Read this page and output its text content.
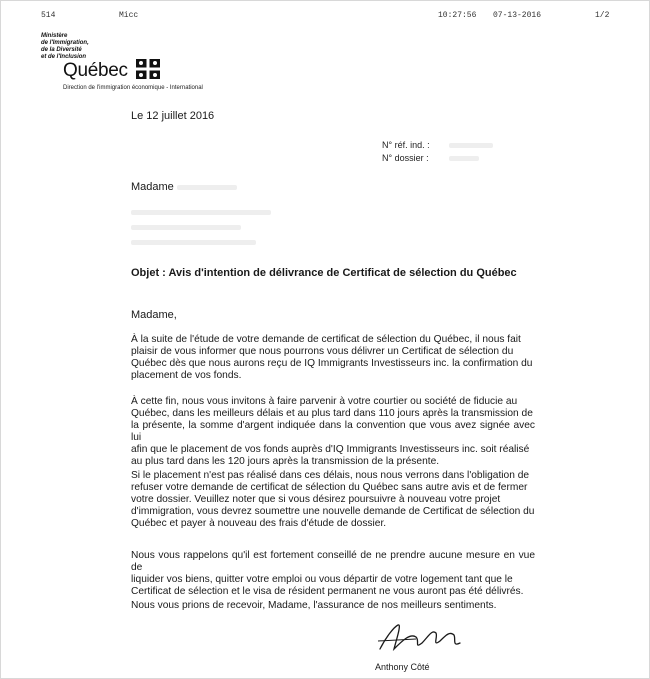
514	Micc	10:27:56 07-13-2016	1/2
Ministère
de l'Immigration,
de la Diversité
et de l'Inclusion
Québec
Direction de l'immigration économique - International
Le 12 juillet 2016
N° réf. ind. :
N° dossier :
Madame
Objet : Avis d'intention de délivrance de Certificat de sélection du Québec
Madame,
À la suite de l'étude de votre demande de certificat de sélection du Québec, il nous fait
plaisir de vous informer que nous pourrons vous délivrer un Certificat de sélection du
Québec dès que nous aurons reçu de IQ Immigrants Investisseurs inc. la confirmation du
placement de vos fonds.
À cette fin, nous vous invitons à faire parvenir à votre courtier ou société de fiducie au
Québec, dans les meilleurs délais et au plus tard dans 110 jours après la transmission de
la présente, la somme d'argent indiquée dans la convention que vous avez signée avec lui
afin que le placement de vos fonds auprès d'IQ Immigrants Investisseurs inc. soit réalisé
au plus tard dans les 120 jours après la transmission de la présente.
Si le placement n'est pas réalisé dans ces délais, nous nous verrons dans l'obligation de
refuser votre demande de certificat de sélection du Québec sans autre avis et de fermer
votre dossier. Veuillez noter que si vous désirez poursuivre à nouveau votre projet
d'immigration, vous devrez soumettre une nouvelle demande de Certificat de sélection du
Québec et payer à nouveau des frais d'étude de dossier.
Nous vous rappelons qu'il est fortement conseillé de ne prendre aucune mesure en vue de
liquider vos biens, quitter votre emploi ou vous départir de votre logement tant que le
Certificat de sélection et le visa de résident permanent ne vous auront pas été délivrés.
Nous vous prions de recevoir, Madame, l'assurance de nos meilleurs sentiments.
Anthony Côté
